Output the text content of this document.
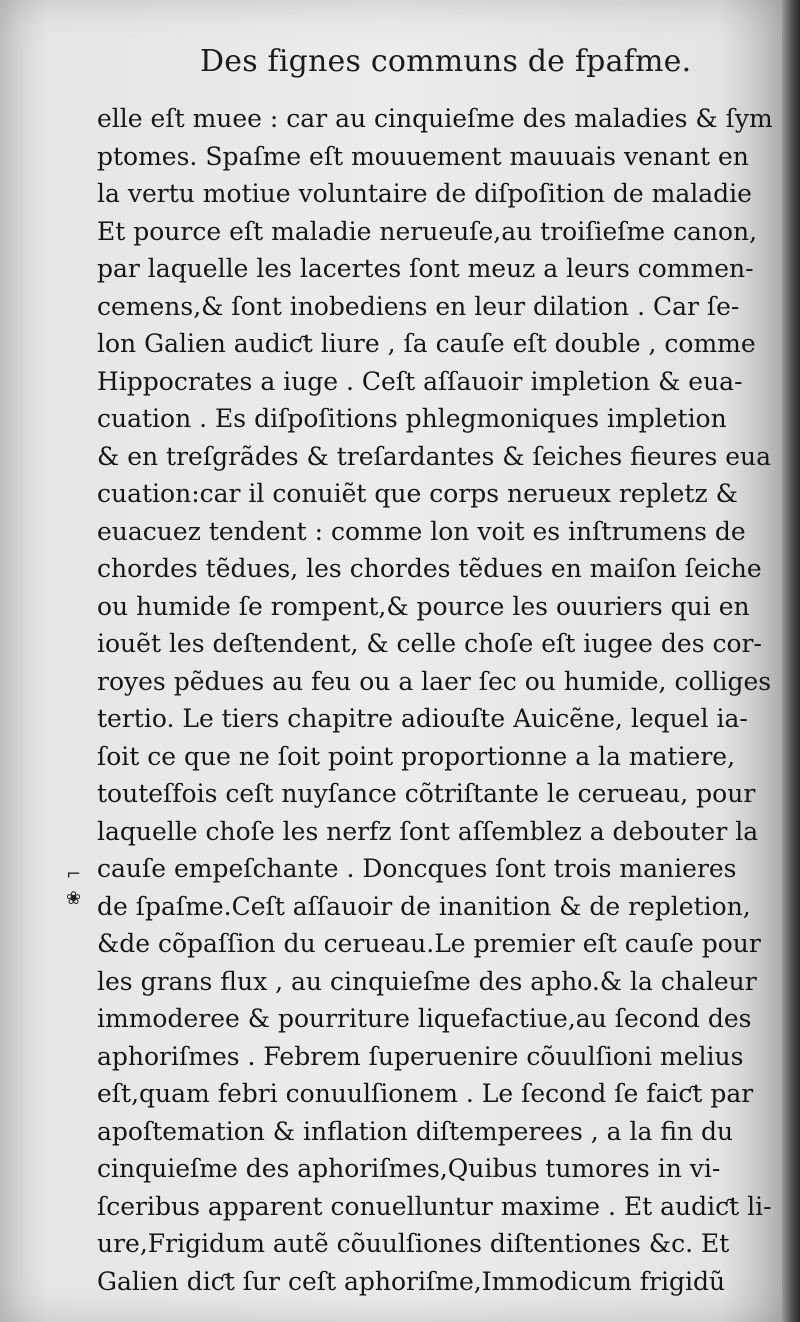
Des fignes communs de fpafme.
elle eſt muee : car au cinquieſme des maladies & ſym
ptomes. Spaſme eſt mouuement mauuais venant en
la vertu motiue voluntaire de diſpoſition de maladie
Et pource eſt maladie nerueuſe,au troiſieſme canon,
par laquelle les lacertes ſont meuz a leurs commen-
cemens,& ſont inobediens en leur dilation . Car ſe-
lon Galien audiƈt liure , ſa cauſe eſt double , comme
Hippocrates a iuge . Ceſt aſſauoir impletion & eua-
cuation . Es diſpoſitions phlegmoniques impletion
& en treſgrãdes & treſardantes & ſeiches fieures eua
cuation:car il conuiẽt que corps nerueux repletz &
euacuez tendent : comme lon voit es inſtrumens de
chordes tẽdues, les chordes tẽdues en maiſon ſeiche
ou humide ſe rompent,& pource les ouuriers qui en
iouẽt les deſtendent, & celle choſe eſt iugee des cor-
royes pẽdues au feu ou a laer ſec ou humide, colliges
tertio. Le tiers chapitre adiouſte Auicẽne, lequel ia-
ſoit ce que ne ſoit point proportionne a la matiere,
touteſfois ceſt nuyſance cõtriſtante le cerueau, pour
laquelle choſe les nerfz ſont aſſemblez a debouter la
cauſe empeſchante . Doncques ſont trois manieres
de ſpaſme.Ceſt aſſauoir de inanition & de repletion,
&de cõpaſſion du cerueau.Le premier eſt cauſe pour
les grans flux , au cinquieſme des apho.& la chaleur
immoderee & pourriture liquefactiue,au ſecond des
aphoriſmes . Febrem ſuperuenire cõuulſioni melius
eſt,quam febri conuulſionem . Le ſecond ſe faiƈt par
apoſtemation & inflation diſtemperees , a la fin du
cinquieſme des aphoriſmes,Quibus tumores in vi-
ſceribus apparent conuelluntur maxime . Et audiƈt li-
ure,Frigidum autẽ cõuulſiones diſtentiones &c. Et
Galien diƈt ſur ceſt aphoriſme,Immodicum frigidũ
⌐
❀
